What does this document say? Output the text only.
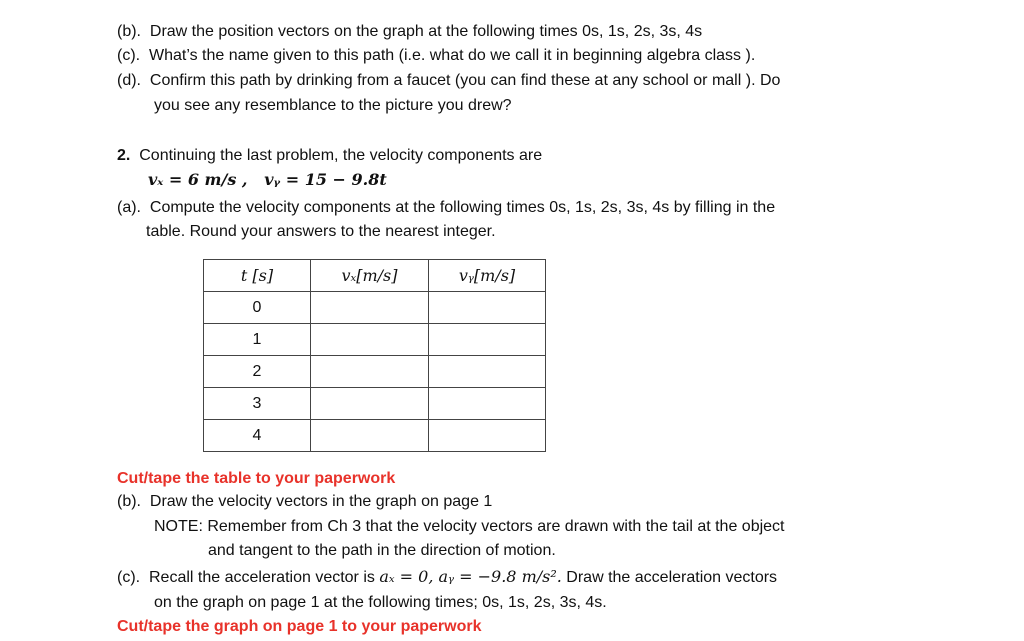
(b). Draw the position vectors on the graph at the following times 0s, 1s, 2s, 3s, 4s
(c). What’s the name given to this path (i.e. what do we call it in beginning algebra class ).
(d). Confirm this path by drinking from a faucet (you can find these at any school or mall ). Do
you see any resemblance to the picture you drew?
2. Continuing the last problem, the velocity components are
vₓ = 6 m/s , vᵧ = 15 − 9.8t
(a). Compute the velocity components at the following times 0s, 1s, 2s, 3s, 4s by filling in the
table. Round your answers to the nearest integer.
t [s]	vₓ[m/s]	vᵧ[m/s]
0		
1		
2		
3		
4		
Cut/tape the table to your paperwork
(b). Draw the velocity vectors in the graph on page 1
NOTE: Remember from Ch 3 that the velocity vectors are drawn with the tail at the object
and tangent to the path in the direction of motion.
(c). Recall the acceleration vector is aₓ = 0, aᵧ = −9.8 m/s². Draw the acceleration vectors
on the graph on page 1 at the following times; 0s, 1s, 2s, 3s, 4s.
Cut/tape the graph on page 1 to your paperwork
